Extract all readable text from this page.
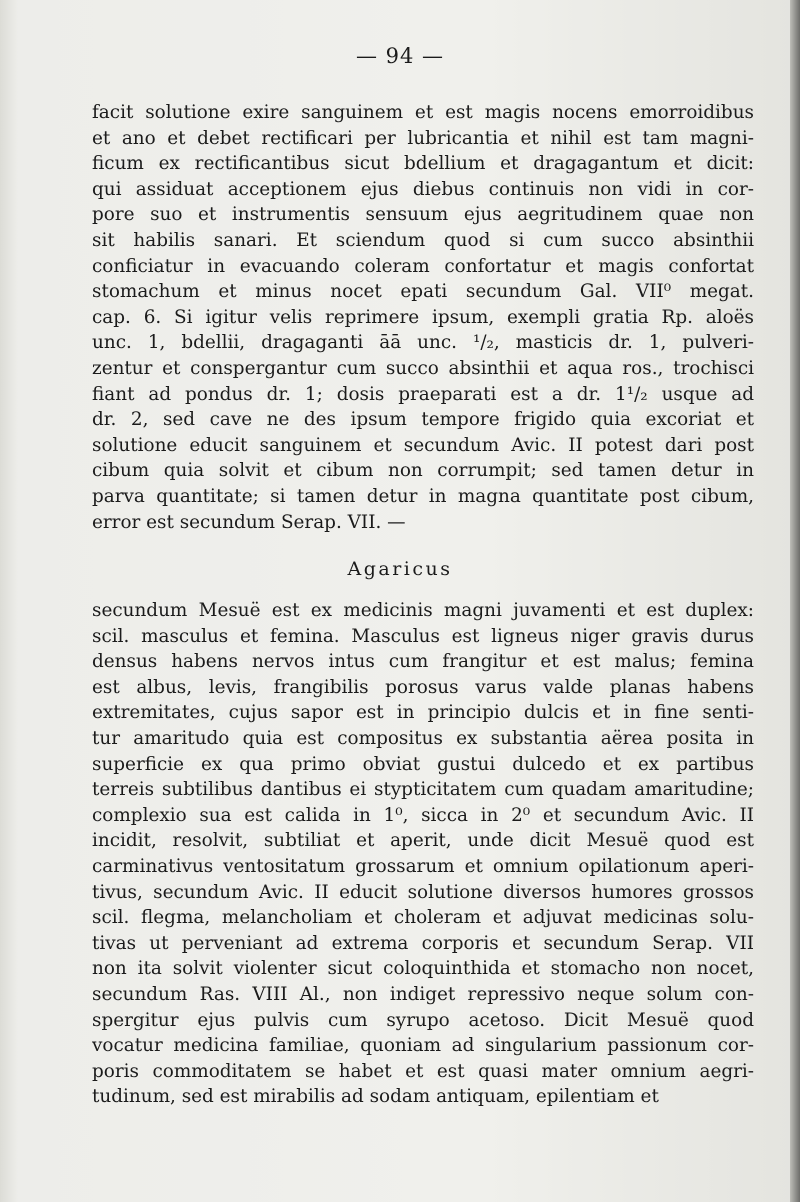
— 94 —
facit solutione exire sanguinem et est magis nocens emorroidibus
et ano et debet rectificari per lubricantia et nihil est tam magni-
ficum ex rectificantibus sicut bdellium et dragagantum et dicit:
qui assiduat acceptionem ejus diebus continuis non vidi in cor-
pore suo et instrumentis sensuum ejus aegritudinem quae non
sit habilis sanari. Et sciendum quod si cum succo absinthii
conficiatur in evacuando coleram confortatur et magis confortat
stomachum et minus nocet epati secundum Gal. VII⁰ megat.
cap. 6. Si igitur velis reprimere ipsum, exempli gratia Rp. aloës
unc. 1, bdellii, dragaganti āā unc. ¹/₂, masticis dr. 1, pulveri-
zentur et conspergantur cum succo absinthii et aqua ros., trochisci
fiant ad pondus dr. 1; dosis praeparati est a dr. 1¹/₂ usque ad
dr. 2, sed cave ne des ipsum tempore frigido quia excoriat et
solutione educit sanguinem et secundum Avic. II potest dari post
cibum quia solvit et cibum non corrumpit; sed tamen detur in
parva quantitate; si tamen detur in magna quantitate post cibum,
error est secundum Serap. VII. —
Agaricus
secundum Mesuë est ex medicinis magni juvamenti et est duplex:
scil. masculus et femina. Masculus est ligneus niger gravis durus
densus habens nervos intus cum frangitur et est malus; femina
est albus, levis, frangibilis porosus varus valde planas habens
extremitates, cujus sapor est in principio dulcis et in fine senti-
tur amaritudo quia est compositus ex substantia aërea posita in
superficie ex qua primo obviat gustui dulcedo et ex partibus
terreis subtilibus dantibus ei stypticitatem cum quadam amaritudine;
complexio sua est calida in 1⁰, sicca in 2⁰ et secundum Avic. II
incidit, resolvit, subtiliat et aperit, unde dicit Mesuë quod est
carminativus ventositatum grossarum et omnium opilationum aperi-
tivus, secundum Avic. II educit solutione diversos humores grossos
scil. flegma, melancholiam et choleram et adjuvat medicinas solu-
tivas ut perveniant ad extrema corporis et secundum Serap. VII
non ita solvit violenter sicut coloquinthida et stomacho non nocet,
secundum Ras. VIII Al., non indiget repressivo neque solum con-
spergitur ejus pulvis cum syrupo acetoso. Dicit Mesuë quod
vocatur medicina familiae, quoniam ad singularium passionum cor-
poris commoditatem se habet et est quasi mater omnium aegri-
tudinum, sed est mirabilis ad sodam antiquam, epilentiam et
